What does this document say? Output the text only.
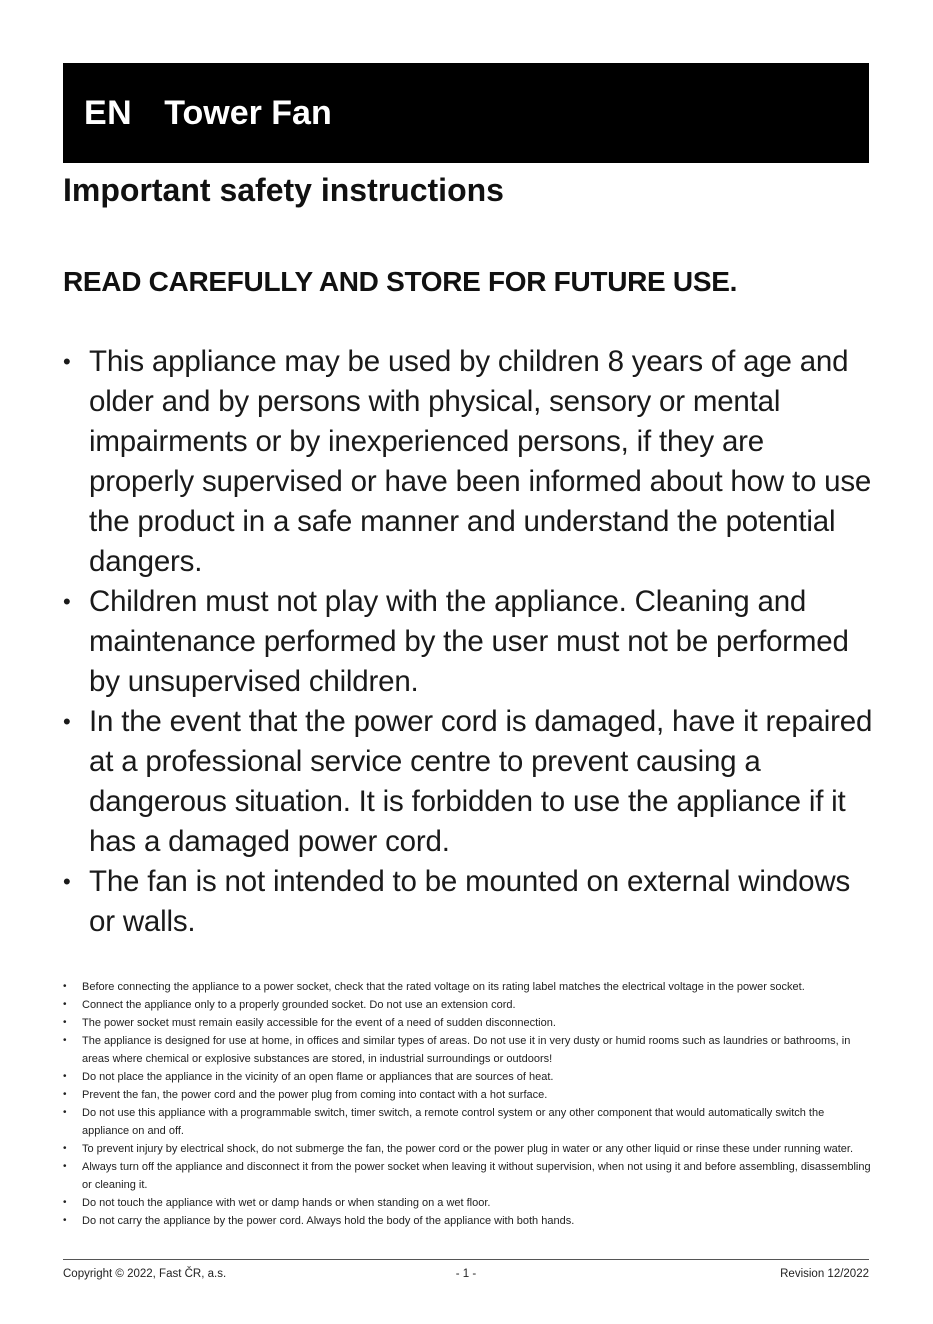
EN Tower Fan
Important safety instructions
READ CAREFULLY AND STORE FOR FUTURE USE.
• This appliance may be used by children 8 years of age and older and by persons with physical, sensory or mental impairments or by inexperienced persons, if they are properly supervised or have been informed about how to use the product in a safe manner and understand the potential dangers.
• Children must not play with the appliance. Cleaning and maintenance performed by the user must not be performed by unsupervised children.
• In the event that the power cord is damaged, have it repaired at a professional service centre to prevent causing a dangerous situation. It is forbidden to use the appliance if it has a damaged power cord.
• The fan is not intended to be mounted on external windows or walls.
• Before connecting the appliance to a power socket, check that the rated voltage on its rating label matches the electrical voltage in the power socket.
• Connect the appliance only to a properly grounded socket. Do not use an extension cord.
• The power socket must remain easily accessible for the event of a need of sudden disconnection.
• The appliance is designed for use at home, in offices and similar types of areas. Do not use it in very dusty or humid rooms such as laundries or bathrooms, in areas where chemical or explosive substances are stored, in industrial surroundings or outdoors!
• Do not place the appliance in the vicinity of an open flame or appliances that are sources of heat.
• Prevent the fan, the power cord and the power plug from coming into contact with a hot surface.
• Do not use this appliance with a programmable switch, timer switch, a remote control system or any other component that would automatically switch the appliance on and off.
• To prevent injury by electrical shock, do not submerge the fan, the power cord or the power plug in water or any other liquid or rinse these under running water.
• Always turn off the appliance and disconnect it from the power socket when leaving it without supervision, when not using it and before assembling, disassembling or cleaning it.
• Do not touch the appliance with wet or damp hands or when standing on a wet floor.
• Do not carry the appliance by the power cord. Always hold the body of the appliance with both hands.
Copyright © 2022, Fast ČR, a.s.	- 1 -	Revision 12/2022
